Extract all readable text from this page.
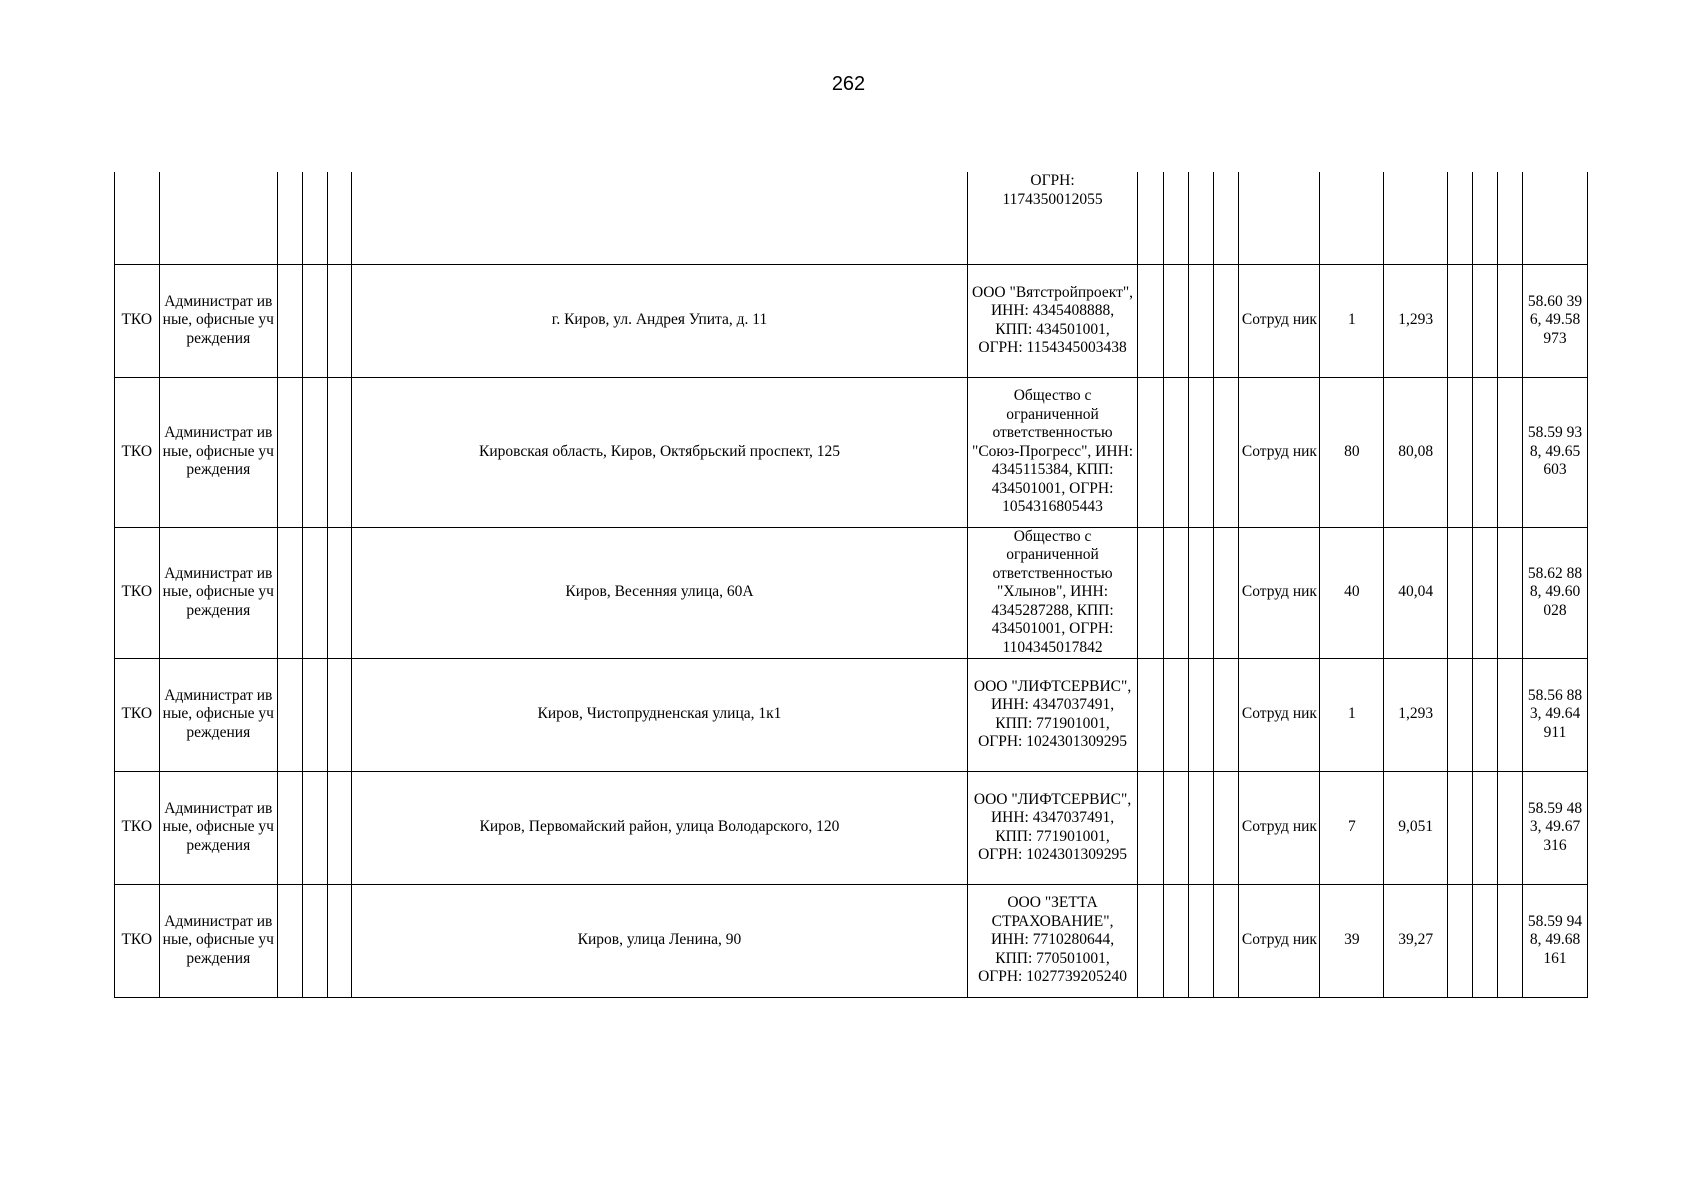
262
						ОГРН:
1174350012055											
ТКО	Администрат ивные, офисные учреждения				г. Киров, ул. Андрея Упита, д. 11	ООО "Вятстройпроект", ИНН: 4345408888, КПП: 434501001, ОГРН: 1154345003438					Сотруд ник	1	1,293				58.60 396, 49.58 973
ТКО	Администрат ивные, офисные учреждения				Кировская область, Киров, Октябрьский проспект, 125	Общество с ограниченной ответственностью "Союз-Прогресс", ИНН: 4345115384, КПП: 434501001, ОГРН: 1054316805443					Сотруд ник	80	80,08				58.59 938, 49.65 603
ТКО	Администрат ивные, офисные учреждения				Киров, Весенняя улица, 60А	Общество с ограниченной ответственностью "Хлынов", ИНН: 4345287288, КПП: 434501001, ОГРН: 1104345017842					Сотруд ник	40	40,04				58.62 888, 49.60 028
ТКО	Администрат ивные, офисные учреждения				Киров, Чистопрудненская улица, 1к1	ООО "ЛИФТСЕРВИС", ИНН: 4347037491, КПП: 771901001, ОГРН: 1024301309295					Сотруд ник	1	1,293				58.56 883, 49.64 911
ТКО	Администрат ивные, офисные учреждения				Киров, Первомайский район, улица Володарского, 120	ООО "ЛИФТСЕРВИС", ИНН: 4347037491, КПП: 771901001, ОГРН: 1024301309295					Сотруд ник	7	9,051				58.59 483, 49.67 316
ТКО	Администрат ивные, офисные учреждения				Киров, улица Ленина, 90	ООО "ЗЕТТА СТРАХОВАНИЕ", ИНН: 7710280644, КПП: 770501001, ОГРН: 1027739205240					Сотруд ник	39	39,27				58.59 948, 49.68 161
